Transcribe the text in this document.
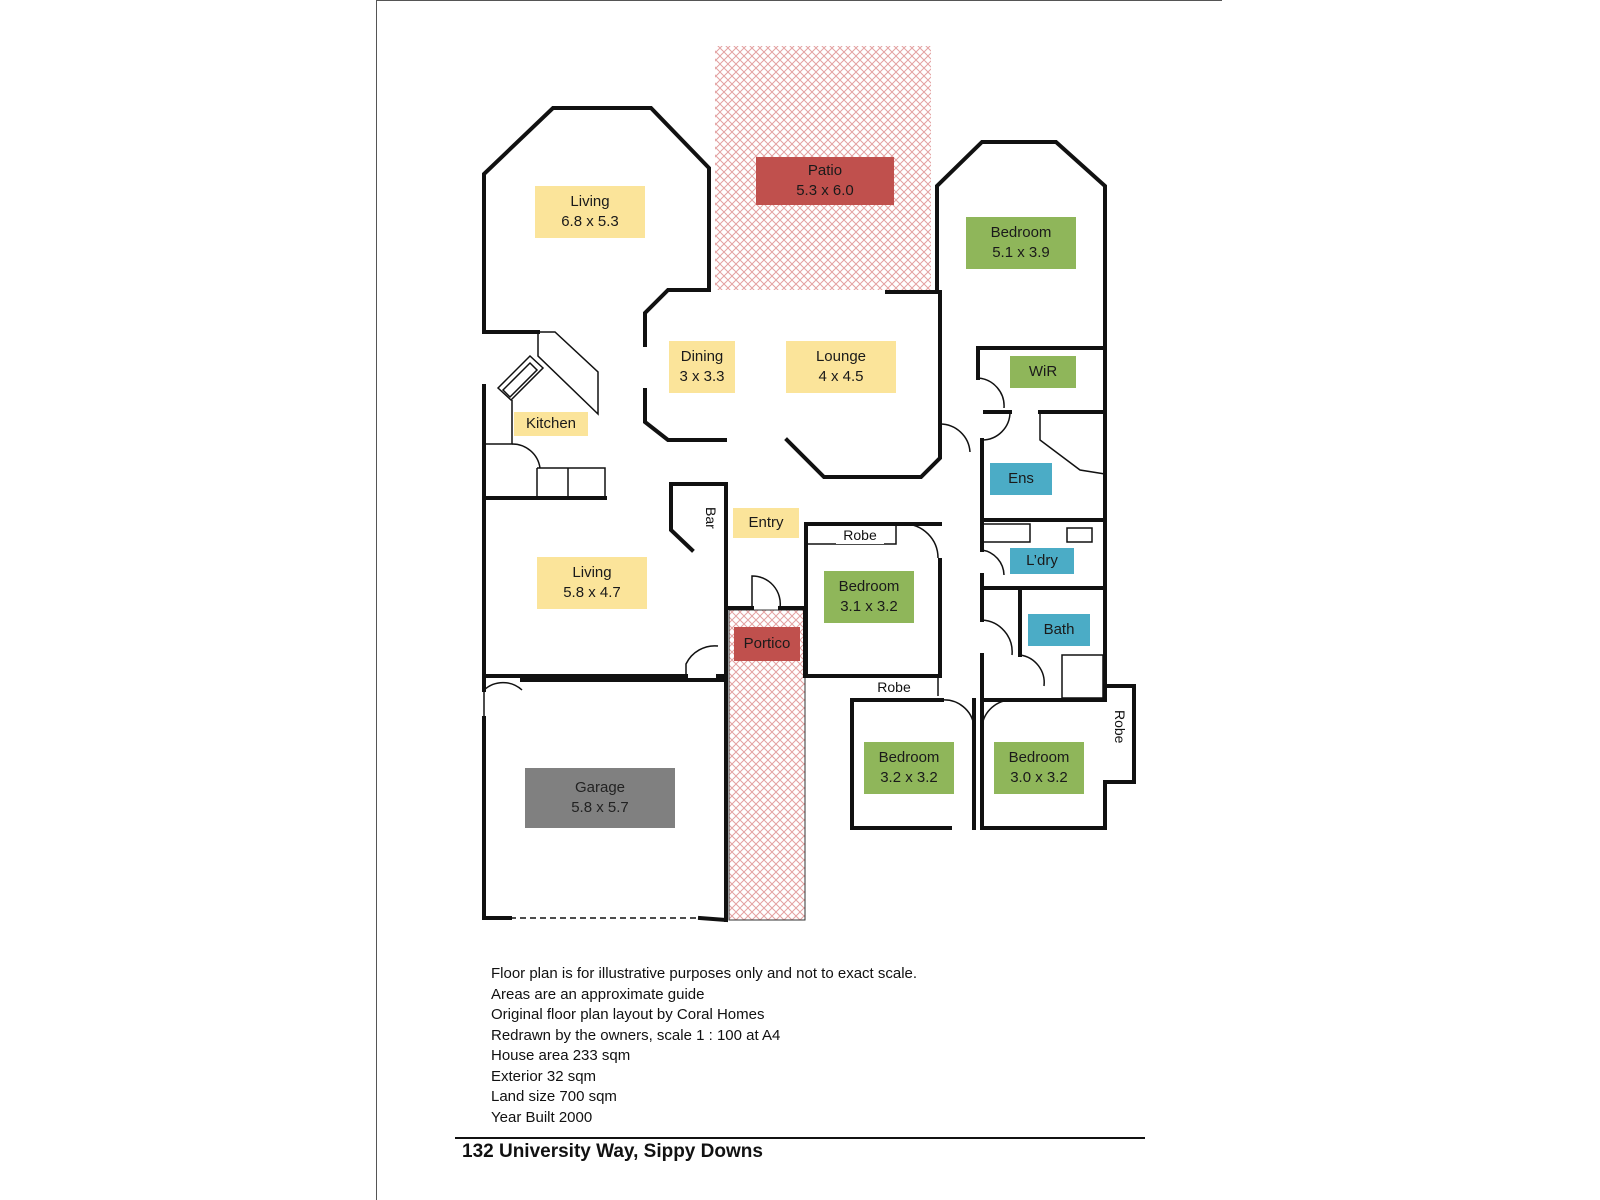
Patio
5.3 x 6.0
Living
6.8 x 5.3
Bedroom
5.1 x 3.9
Dining
3 x 3.3
Lounge
4 x 4.5	WiR
Kitchen
Ens
Entry
Bar
Robe
L’dry
Living
5.8 x 4.7	Bedroom
3.1 x 3.2
Bath
Portico
Robe
Robe
Bedroom
3.2 x 3.2
Bedroom
3.0 x 3.2
Garage
5.8 x 5.7
Floor plan is for illustrative purposes only and not to exact scale.
Areas are an approximate guide
Original floor plan layout by Coral Homes
Redrawn by the owners, scale 1 : 100 at A4
House area 233 sqm
Exterior 32 sqm
Land size 700 sqm
Year Built 2000
132 University Way, Sippy Downs
